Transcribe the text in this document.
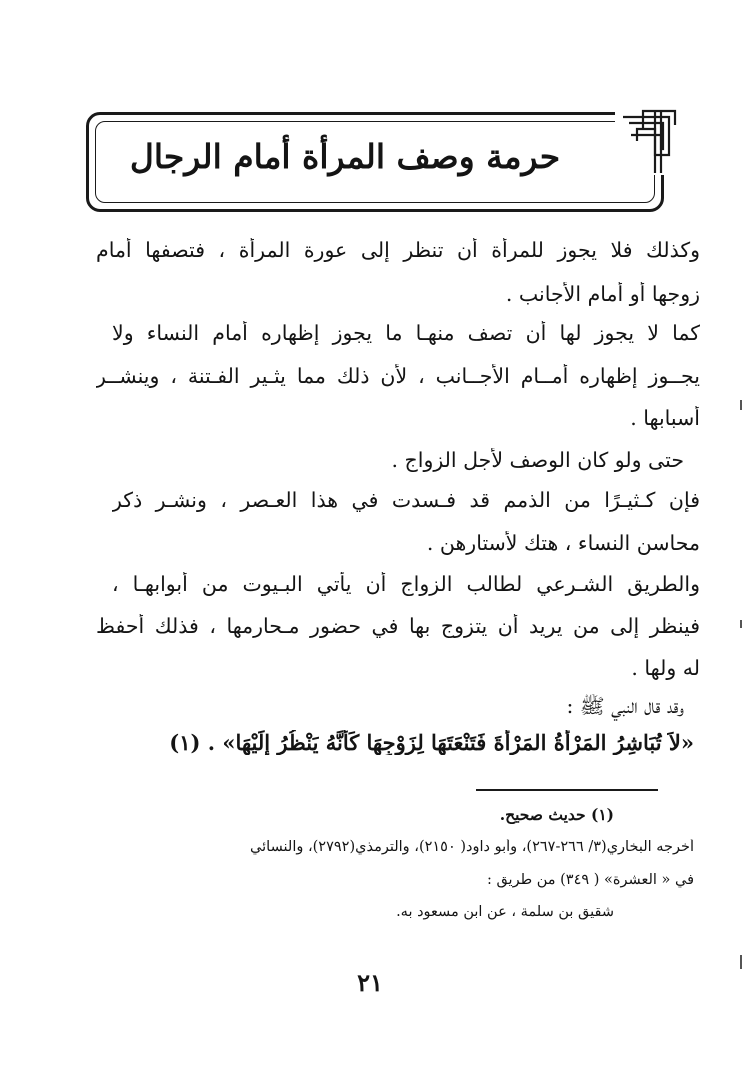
حرمة وصف المرأة أمام الرجال
وكذلك فلا يجوز للمرأة أن تنظر إلى عورة المرأة ، فتصفها أمام
زوجها أو أمام الأجانب .
كما لا يجوز لها أن تصف منهـا ما يجوز إظهاره أمام النساء ولا
يجــوز إظهاره أمــام الأجــانب ، لأن ذلك مما يثـير الفـتنة ، وينشــر
أسبابها .
حتى ولو كان الوصف لأجل الزواج .
فإن كـثيـرًا من الذمم قد فـسدت في هذا العـصر ، ونشـر ذكر
محاسن النساء ، هتك لأستارهن .
والطريق الشـرعي لطالب الزواج أن يأتي البـيوت من أبوابهـا ،
فينظر إلى من يريد أن يتزوج بها في حضور مـحارمها ، فذلك أحفظ
له ولها .
وقد قال النبي ﷺ :
«لاَ تُبَاشِرُ المَرْأَةُ المَرْأَةَ فَتَنْعَتَهَا لِزَوْجِهَا كَأَنَّهُ يَنْظُرُ إِلَيْهَا» . (١)
(١) حديث صحيح.
أخرجه البخاري(٣/ ٢٦٦-٢٦٧)، وأبو داود( ٢١٥٠)، والترمذي(٢٧٩٢)، والنسائي
في « العشرة» ( ٣٤٩) من طريق :
شقيق بن سلمة ، عن ابن مسعود به.
٢١
